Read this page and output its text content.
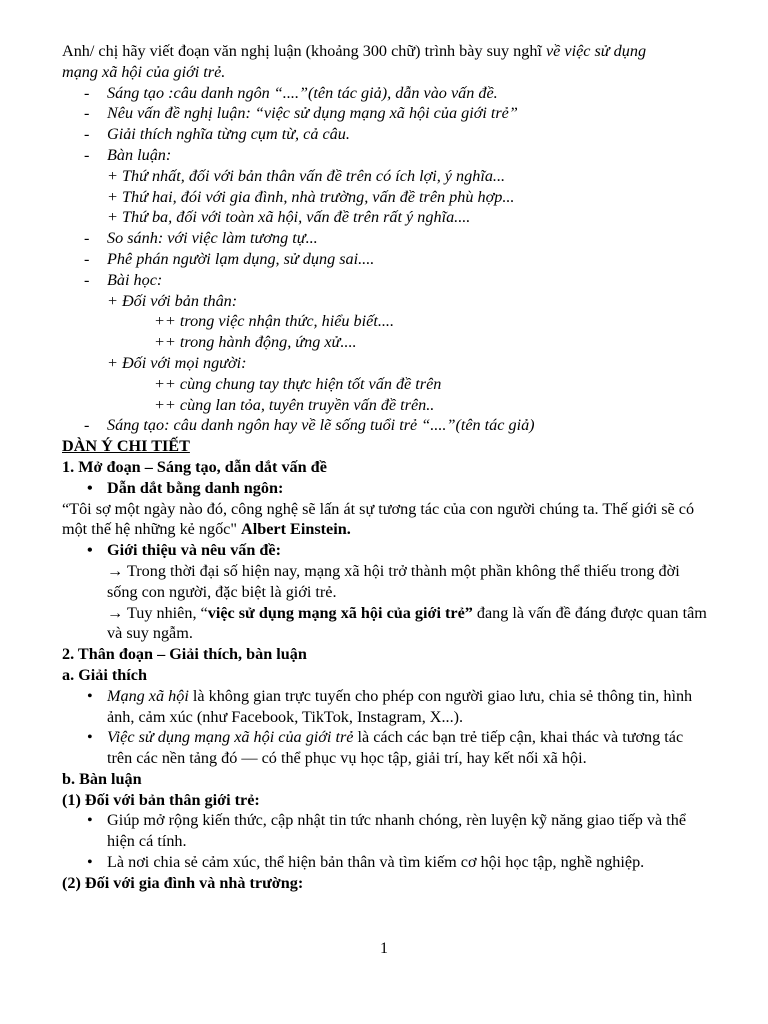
Anh/ chị hãy viết đoạn văn nghị luận (khoảng 300 chữ) trình bày suy nghĩ về việc sử dụng
mạng xã hội của giới trẻ.
- Sáng tạo :câu danh ngôn “....”(tên tác giả), dẫn vào vấn đề.
- Nêu vấn đề nghị luận: “việc sử dụng mạng xã hội của giới trẻ”
- Giải thích nghĩa từng cụm từ, cả câu.
- Bàn luận:
+ Thứ nhất, đối với bản thân vấn đề trên có ích lợi, ý nghĩa...
+ Thứ hai, đói với gia đình, nhà trường, vấn đề trên phù hợp...
+ Thứ ba, đối với toàn xã hội, vấn đề trên rất ý nghĩa....
- So sánh: với việc làm tương tự...
- Phê phán người lạm dụng, sử dụng sai....
- Bài học:
+ Đối với bản thân:
++ trong việc nhận thức, hiểu biết....
++ trong hành động, ứng xử....
+ Đối với mọi người:
++ cùng chung tay thực hiện tốt vấn đề trên
++ cùng lan tỏa, tuyên truyền vấn đề trên..
- Sáng tạo: câu danh ngôn hay về lẽ sống tuổi trẻ “....”(tên tác giả)
DÀN Ý CHI TIẾT
1. Mở đoạn – Sáng tạo, dẫn dắt vấn đề
• Dẫn dắt bằng danh ngôn:
“Tôi sợ một ngày nào đó, công nghệ sẽ lấn át sự tương tác của con người chúng ta. Thế giới sẽ có một thế hệ những kẻ ngốc" Albert Einstein.
• Giới thiệu và nêu vấn đề:
→ Trong thời đại số hiện nay, mạng xã hội trở thành một phần không thể thiếu trong đời sống con người, đặc biệt là giới trẻ.
→ Tuy nhiên, “việc sử dụng mạng xã hội của giới trẻ” đang là vấn đề đáng được quan tâm và suy ngẫm.
2. Thân đoạn – Giải thích, bàn luận
a. Giải thích
• Mạng xã hội là không gian trực tuyến cho phép con người giao lưu, chia sẻ thông tin, hình ảnh, cảm xúc (như Facebook, TikTok, Instagram, X...).
• Việc sử dụng mạng xã hội của giới trẻ là cách các bạn trẻ tiếp cận, khai thác và tương tác trên các nền tảng đó — có thể phục vụ học tập, giải trí, hay kết nối xã hội.
b. Bàn luận
(1) Đối với bản thân giới trẻ:
• Giúp mở rộng kiến thức, cập nhật tin tức nhanh chóng, rèn luyện kỹ năng giao tiếp và thể hiện cá tính.
• Là nơi chia sẻ cảm xúc, thể hiện bản thân và tìm kiếm cơ hội học tập, nghề nghiệp.
(2) Đối với gia đình và nhà trường:
1
